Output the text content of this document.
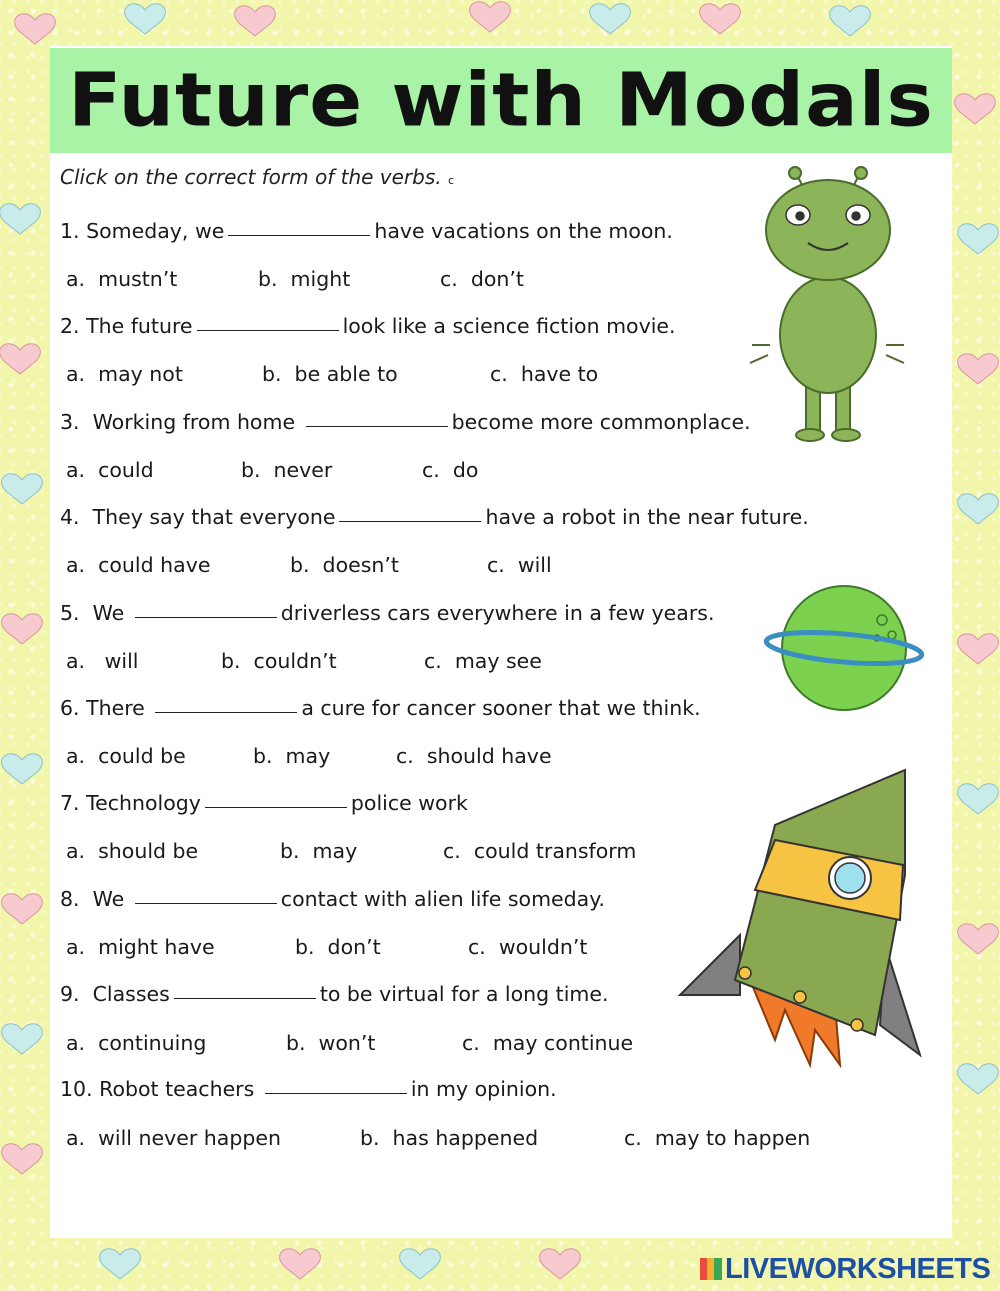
Future with Modals
Click on the correct form of the verbs. c
1. Someday, we	have vacations on the moon.
a.  mustn’t	b.  might	c.  don’t
2. The future	look like a science fiction movie.
a.  may not	b.  be able to	c.  have to
3.  Working from home	become more commonplace.
a.  could	b.  never	c.  do
4.  They say that everyone	have a robot in the near future.
a.  could have	b.  doesn’t	c.  will
5.  We	driverless cars everywhere in a few years.
a.   will	b.  couldn’t	c.  may see
6. There	a cure for cancer sooner that we think.
a.  could be	b.  may	c.  should have
7. Technology	police work
a.  should be	b.  may	c.  could transform
8.  We	contact with alien life someday.
a.  might have	b.  don’t	c.  wouldn’t
9.  Classes	to be virtual for a long time.
a.  continuing	b.  won’t	c.  may continue
10. Robot teachers	in my opinion.
a.  will never happen	b.  has happened	c.  may to happen
LIVEWORKSHEETS
